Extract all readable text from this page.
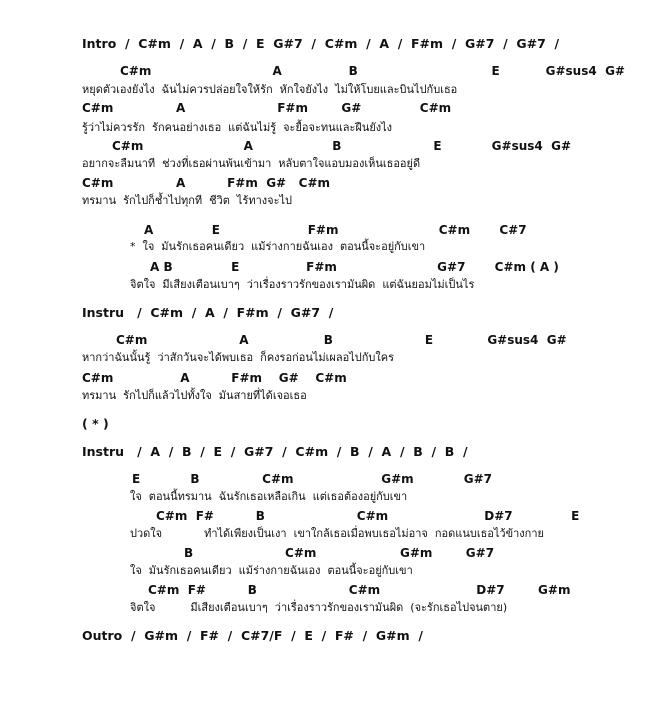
Intro  /  C#m  /  A  /  B  /  E  G#7  /  C#m  /  A  /  F#m  /  G#7  /  G#7  /
C#m                             A                B                                E           G#sus4  G#
หยุดตัวเองยังไง  ฉันไม่ควรปล่อยใจให้รัก  หักใจยังไง  ไม่ให้โบยและบินไปกับเธอ
C#m               A                      F#m        G#              C#m
รู้ว่าไม่ควรรัก  รักคนอย่างเธอ  แต่ฉันไม่รู้  จะยื้อจะทนและฝืนยังไง
C#m                        A                   B                      E            G#sus4  G#
อยากจะลืมนาที  ช่วงที่เธอผ่านพ้นเข้ามา  หลับตาใจแอบมองเห็นเธออยู่ดี
C#m               A          F#m  G#   C#m
ทรมาน  รักไปก็ช้ำไปทุกที  ชีวิต  ไร้ทางจะไป
A              E                     F#m                        C#m       C#7
*  ใจ  มันรักเธอคนเดียว  แม้ร่างกายฉันเอง  ตอนนี้จะอยู่กับเขา
A B              E                F#m                        G#7       C#m ( A )
จิตใจ  มีเสียงเตือนเบาๆ  ว่าเรื่องราวรักของเรามันผิด  แต่ฉันยอมไม่เป็นไร
Instru   /  C#m  /  A  /  F#m  /  G#7  /
C#m                      A                  B                      E             G#sus4  G#
หากว่าฉันนั้นรู้  ว่าสักวันจะได้พบเธอ  ก็คงรอก่อนไม่เผลอไปกับใคร
C#m                A          F#m    G#    C#m
ทรมาน  รักไปก็แล้วไปทั้งใจ  มันสายที่ได้เจอเธอ
( * )
Instru   /  A  /  B  /  E  /  G#7  /  C#m  /  B  /  A  /  B  /  B  /
E            B               C#m                     G#m            G#7
ใจ  ตอนนี้ทรมาน  ฉันรักเธอเหลือเกิน  แต่เธอต้องอยู่กับเขา
C#m  F#          B                      C#m                       D#7              E
ปวดใจ            ทำได้เพียงเป็นเงา  เขาใกล้เธอเมื่อพบเธอไม่อาจ  กอดแนบเธอไว้ข้างกาย
B                      C#m                    G#m        G#7
ใจ  มันรักเธอคนเดียว  แม้ร่างกายฉันเอง  ตอนนี้จะอยู่กับเขา
C#m  F#          B                      C#m                       D#7        G#m
จิตใจ          มีเสียงเตือนเบาๆ  ว่าเรื่องราวรักของเรามันผิด  (จะรักเธอไปจนตาย)
Outro  /  G#m  /  F#  /  C#7/F  /  E  /  F#  /  G#m  /
